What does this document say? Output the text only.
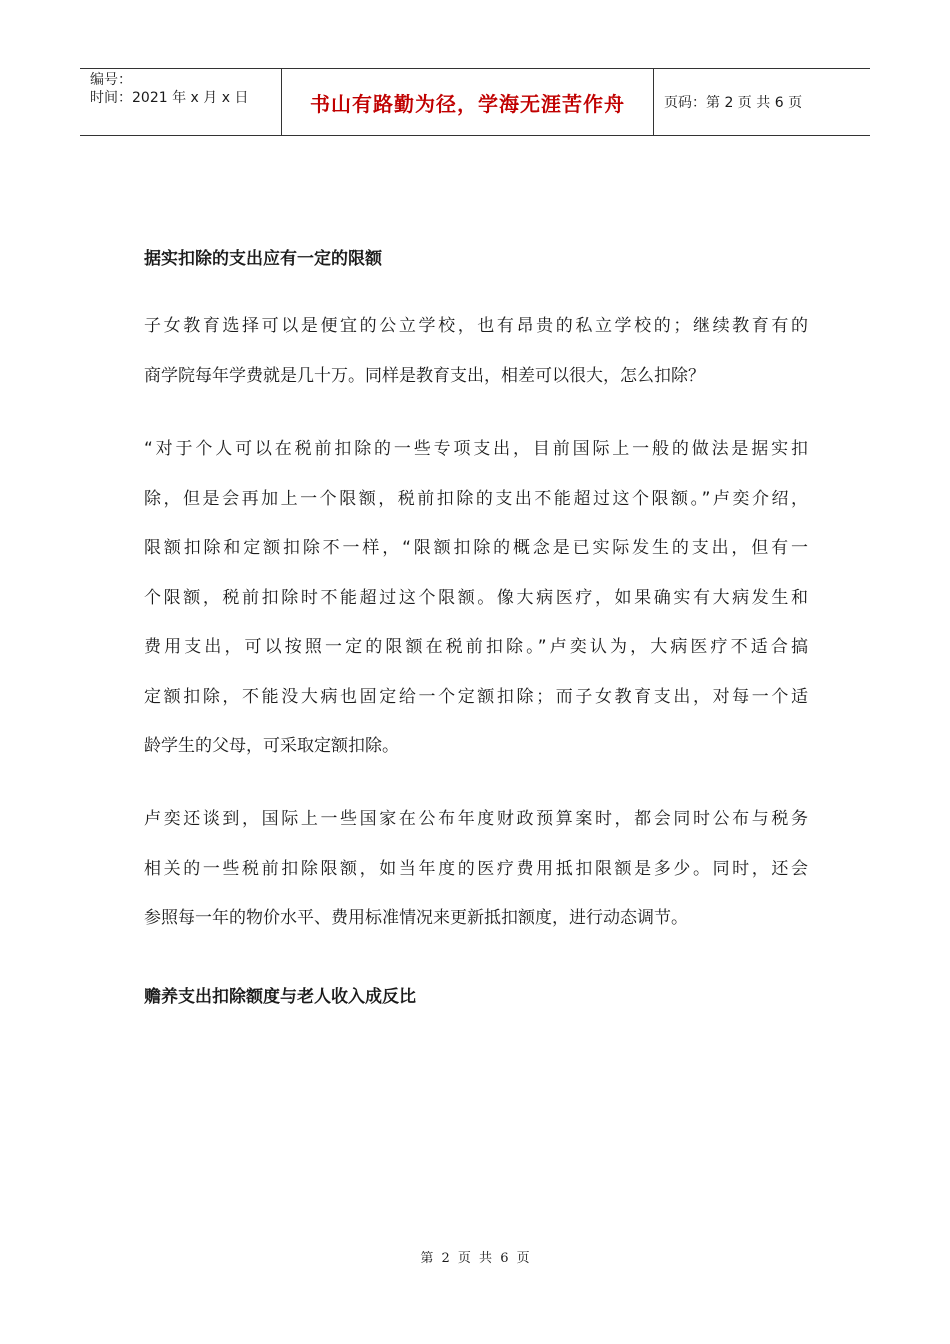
编号：
时间：2021 年 x 月 x 日	书山有路勤为径，学海无涯苦作舟	页码：第 2 页 共 6 页
据实扣除的支出应有一定的限额
子女教育选择可以是便宜的公立学校，也有昂贵的私立学校的；继续教育有的
商学院每年学费就是几十万。同样是教育支出，相差可以很大，怎么扣除？
“对于个人可以在税前扣除的一些专项支出，目前国际上一般的做法是据实扣
除，但是会再加上一个限额，税前扣除的支出不能超过这个限额。”卢奕介绍，
限额扣除和定额扣除不一样，“限额扣除的概念是已实际发生的支出，但有一
个限额，税前扣除时不能超过这个限额。像大病医疗，如果确实有大病发生和
费用支出，可以按照一定的限额在税前扣除。”卢奕认为，大病医疗不适合搞
定额扣除，不能没大病也固定给一个定额扣除；而子女教育支出，对每一个适
龄学生的父母，可采取定额扣除。
卢奕还谈到，国际上一些国家在公布年度财政预算案时，都会同时公布与税务
相关的一些税前扣除限额，如当年度的医疗费用抵扣限额是多少。同时，还会
参照每一年的物价水平、费用标准情况来更新抵扣额度，进行动态调节。
赡养支出扣除额度与老人收入成反比
第 2 页 共 6 页
